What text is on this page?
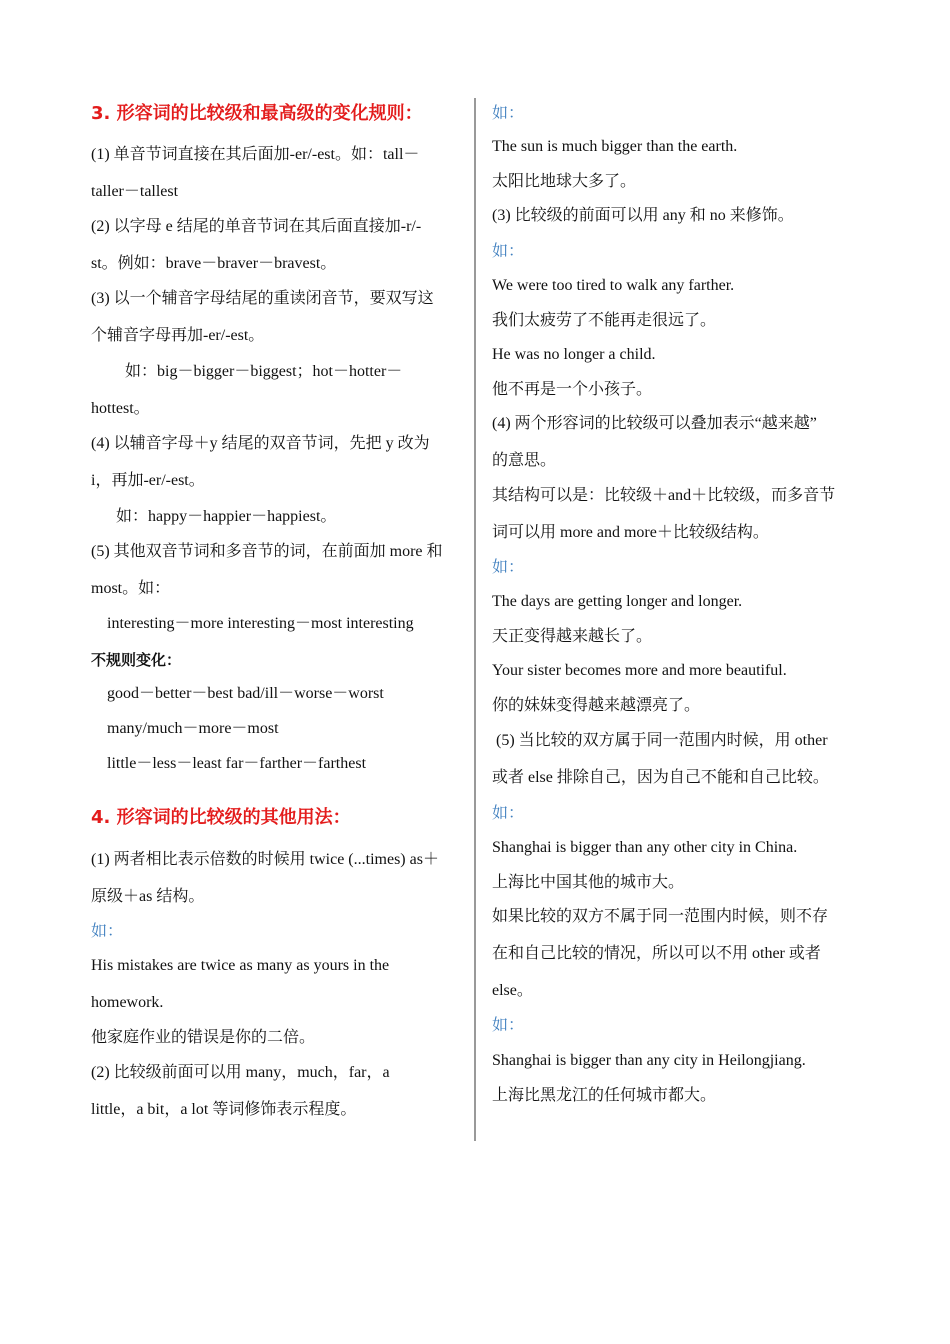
3. 形容词的比较级和最高级的变化规则：

(1) 单音节词直接在其后面加-er/-est。如：tall－

taller－tallest

(2) 以字母 e 结尾的单音节词在其后面直接加-r/-

st。例如：brave－braver－bravest。

(3) 以一个辅音字母结尾的重读闭音节，要双写这

个辅音字母再加-er/-est。

如：big－bigger－biggest；hot－hotter－

hottest。

(4) 以辅音字母＋y 结尾的双音节词，先把 y 改为

i，再加-er/-est。

如：happy－happier－happiest。

(5) 其他双音节词和多音节的词，在前面加 more 和

most。如：

interesting－more interesting－most interesting

不规则变化：

good－better－best bad/ill－worse－worst

many/much－more－most

little－less－least far－farther－farthest

4. 形容词的比较级的其他用法：

(1) 两者相比表示倍数的时候用 twice (...times) as＋

原级＋as 结构。

如：

His mistakes are twice as many as yours in the

homework.

他家庭作业的错误是你的二倍。

(2) 比较级前面可以用 many，much，far，a

little，a bit，a lot 等词修饰表示程度。

如：

The sun is much bigger than the earth.

太阳比地球大多了。

(3) 比较级的前面可以用 any 和 no 来修饰。

如：

We were too tired to walk any farther.

我们太疲劳了不能再走很远了。

He was no longer a child.

他不再是一个小孩子。

(4) 两个形容词的比较级可以叠加表示“越来越”

的意思。

其结构可以是：比较级＋and＋比较级，而多音节

词可以用 more and more＋比较级结构。

如：

The days are getting longer and longer.

天正变得越来越长了。

Your sister becomes more and more beautiful.

你的妹妹变得越来越漂亮了。

(5) 当比较的双方属于同一范围内时候，用 other

或者 else 排除自己，因为自己不能和自己比较。

如：

Shanghai is bigger than any other city in China.

上海比中国其他的城市大。

如果比较的双方不属于同一范围内时候，则不存

在和自己比较的情况，所以可以不用 other 或者

else。

如：

Shanghai is bigger than any city in Heilongjiang.

上海比黑龙江的任何城市都大。
